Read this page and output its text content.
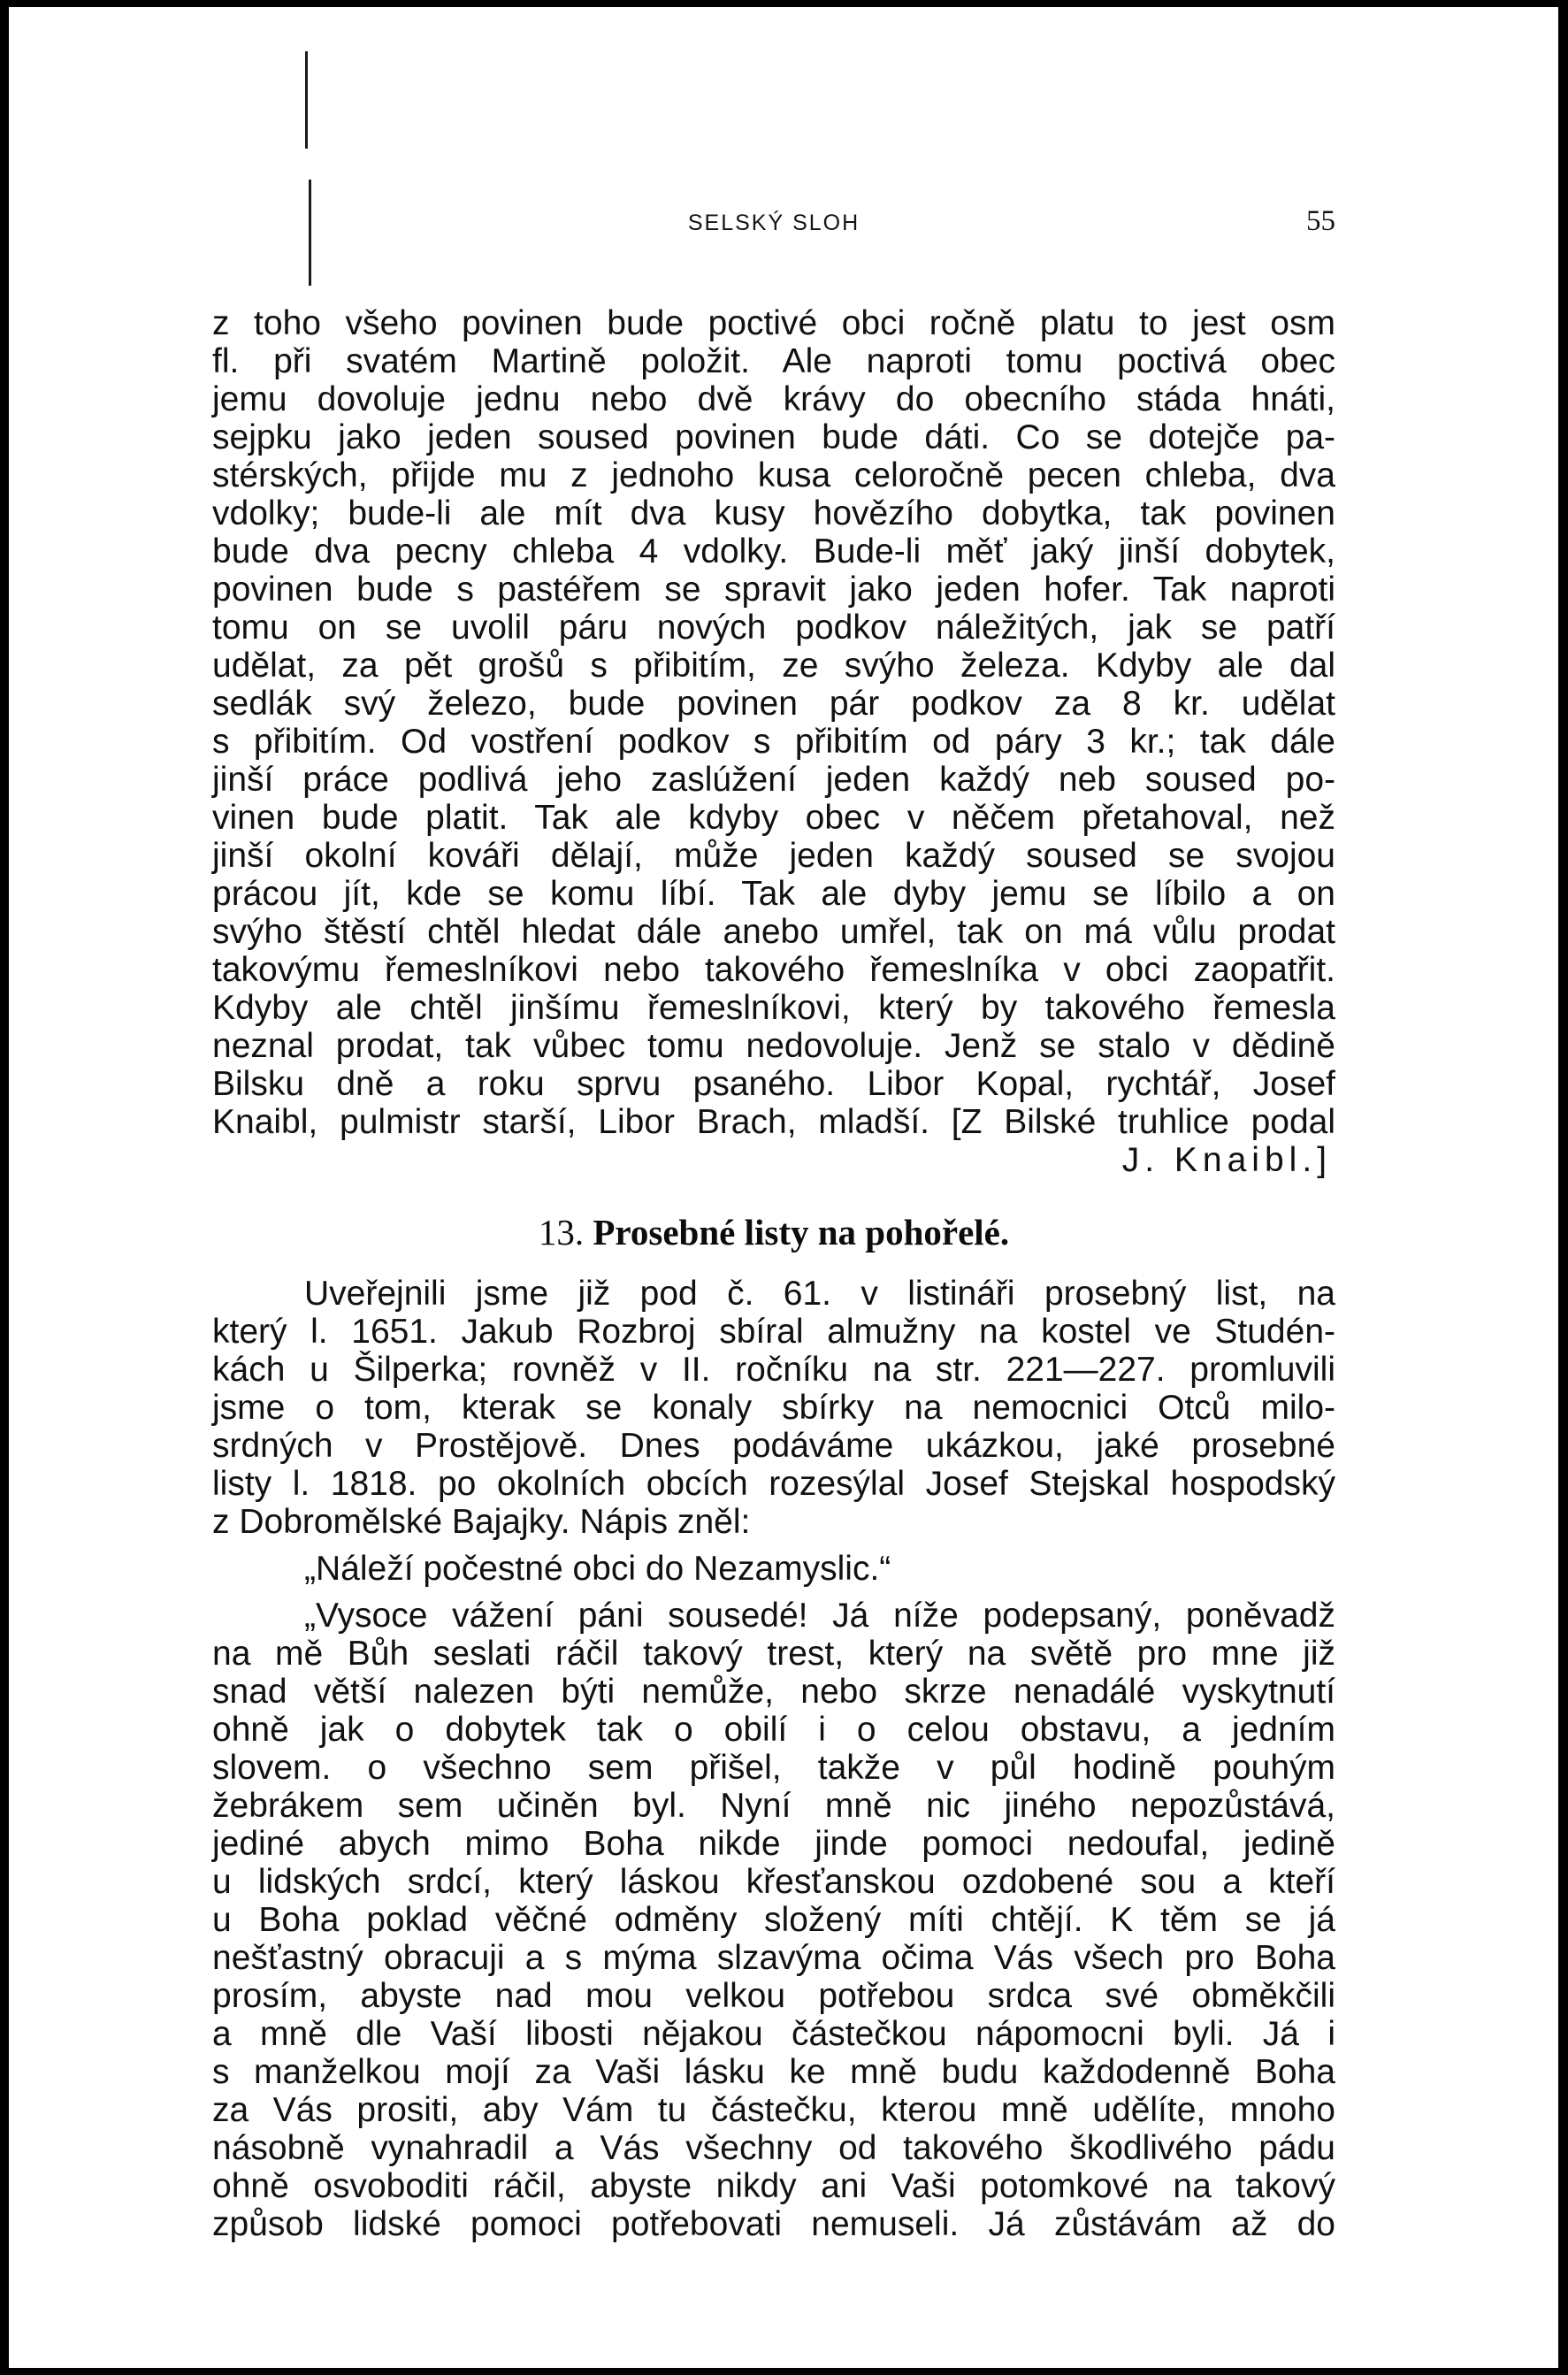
SELSKÝ SLOH	55

z toho všeho povinen bude poctivé obci ročně platu to jest osm

fl. při svatém Martině položit. Ale naproti tomu poctivá obec

jemu dovoluje jednu nebo dvě krávy do obecního stáda hnáti,

sejpku jako jeden soused povinen bude dáti. Co se dotejče pa-

stérských, přijde mu z jednoho kusa celoročně pecen chleba, dva

vdolky; bude-li ale mít dva kusy hovězího dobytka, tak povinen

bude dva pecny chleba 4 vdolky. Bude-li měť jaký jinší dobytek,

povinen bude s pastéřem se spravit jako jeden hofer. Tak naproti

tomu on se uvolil páru nových podkov náležitých, jak se patří

udělat, za pět grošů s přibitím, ze svýho železa. Kdyby ale dal

sedlák svý železo, bude povinen pár podkov za 8 kr. udělat

s přibitím. Od vostření podkov s přibitím od páry 3 kr.; tak dále

jinší práce podlivá jeho zaslúžení jeden každý neb soused po-

vinen bude platit. Tak ale kdyby obec v něčem přetahoval, než

jinší okolní kováři dělají, může jeden každý soused se svojou

prácou jít, kde se komu líbí. Tak ale dyby jemu se líbilo a on

svýho štěstí chtěl hledat dále anebo umřel, tak on má vůlu prodat

takovýmu řemeslníkovi nebo takového řemeslníka v obci zaopatřit.

Kdyby ale chtěl jinšímu řemeslníkovi, který by takového řemesla

neznal prodat, tak vůbec tomu nedovoluje. Jenž se stalo v dědině

Bilsku dně a roku sprvu psaného. Libor Kopal, rychtář, Josef

Knaibl, pulmistr starší, Libor Brach, mladší. [Z Bilské truhlice podal

J. Knaibl.]

13. Prosebné listy na pohořelé.

Uveřejnili jsme již pod č. 61. v listináři prosebný list, na

který l. 1651. Jakub Rozbroj sbíral almužny na kostel ve Studén-

kách u Šilperka; rovněž v II. ročníku na str. 221—227. promluvili

jsme o tom, kterak se konaly sbírky na nemocnici Otců milo-

srdných v Prostějově. Dnes podáváme ukázkou, jaké prosebné

listy l. 1818. po okolních obcích rozesýlal Josef Stejskal hospodský

z Dobromělské Bajajky. Nápis zněl:

„Náleží počestné obci do Nezamyslic.“

„Vysoce vážení páni sousedé! Já níže podepsaný, poněvadž

na mě Bůh seslati ráčil takový trest, který na světě pro mne již

snad větší nalezen býti nemůže, nebo skrze nenadálé vyskytnutí

ohně jak o dobytek tak o obilí i o celou obstavu, a jedním

slovem. o všechno sem přišel, takže v půl hodině pouhým

žebrákem sem učiněn byl. Nyní mně nic jiného nepozůstává,

jediné abych mimo Boha nikde jinde pomoci nedoufal, jedině

u lidských srdcí, který láskou křesťanskou ozdobené sou a kteří

u Boha poklad věčné odměny složený míti chtějí. K těm se já

nešťastný obracuji a s mýma slzavýma očima Vás všech pro Boha

prosím, abyste nad mou velkou potřebou srdca své obměkčili

a mně dle Vaší libosti nějakou částečkou nápomocni byli. Já i

s manželkou mojí za Vaši lásku ke mně budu každodenně Boha

za Vás prositi, aby Vám tu částečku, kterou mně udělíte, mnoho

násobně vynahradil a Vás všechny od takového škodlivého pádu

ohně osvoboditi ráčil, abyste nikdy ani Vaši potomkové na takový

způsob lidské pomoci potřebovati nemuseli. Já zůstávám až do
